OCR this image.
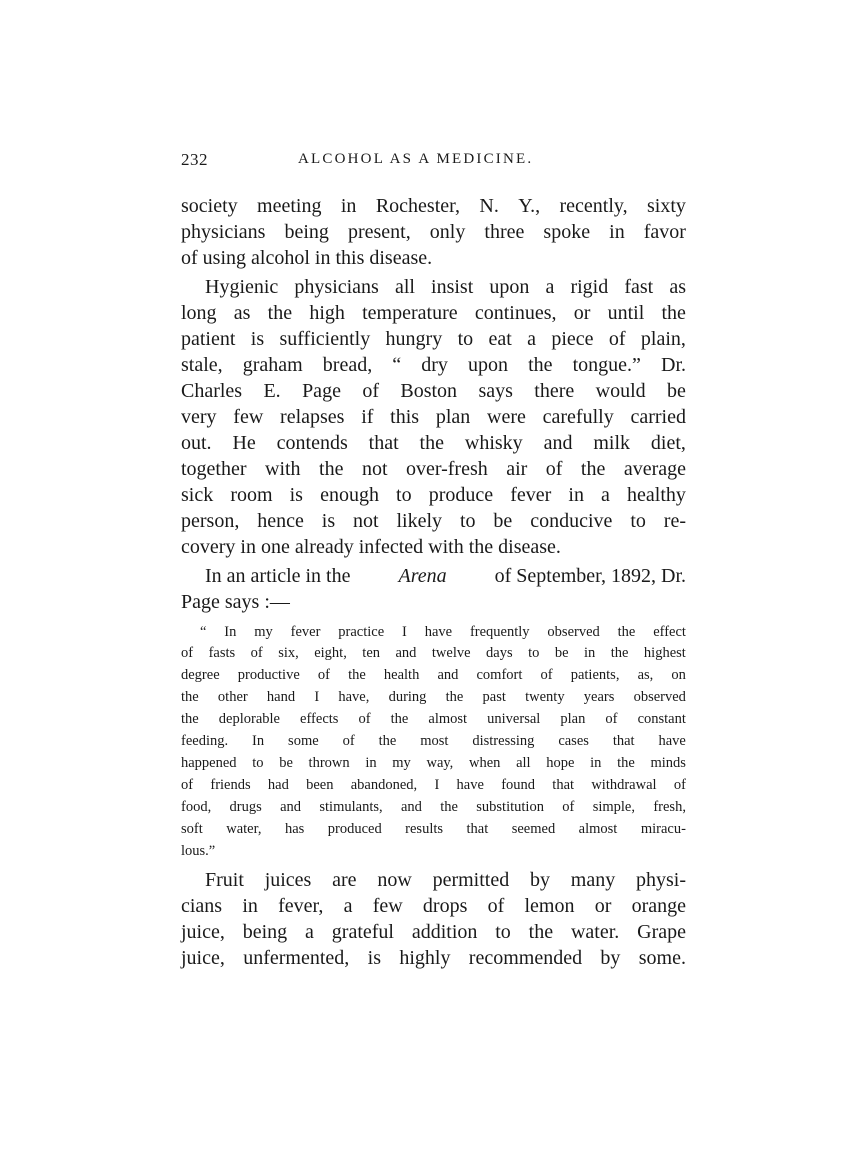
232	ALCOHOL AS A MEDICINE.
society meeting in Rochester, N. Y., recently, sixty
physicians being present, only three spoke in favor
of using alcohol in this disease.
Hygienic physicians all insist upon a rigid fast as
long as the high temperature continues, or until the
patient is sufficiently hungry to eat a piece of plain,
stale, graham bread, “ dry upon the tongue.” Dr.
Charles E. Page of Boston says there would be
very few relapses if this plan were carefully carried
out. He contends that the whisky and milk diet,
together with the not over-fresh air of the average
sick room is enough to produce fever in a healthy
person, hence is not likely to be conducive to re-
covery in one already infected with the disease.
In an article in the Arena of September, 1892, Dr.
Page says :—
“ In my fever practice I have frequently observed the effect
of fasts of six, eight, ten and twelve days to be in the highest
degree productive of the health and comfort of patients, as, on
the other hand I have, during the past twenty years observed
the deplorable effects of the almost universal plan of constant
feeding. In some of the most distressing cases that have
happened to be thrown in my way, when all hope in the minds
of friends had been abandoned, I have found that withdrawal of
food, drugs and stimulants, and the substitution of simple, fresh,
soft water, has produced results that seemed almost miracu-
lous.”
Fruit juices are now permitted by many physi-
cians in fever, a few drops of lemon or orange
juice, being a grateful addition to the water. Grape
juice, unfermented, is highly recommended by some.
